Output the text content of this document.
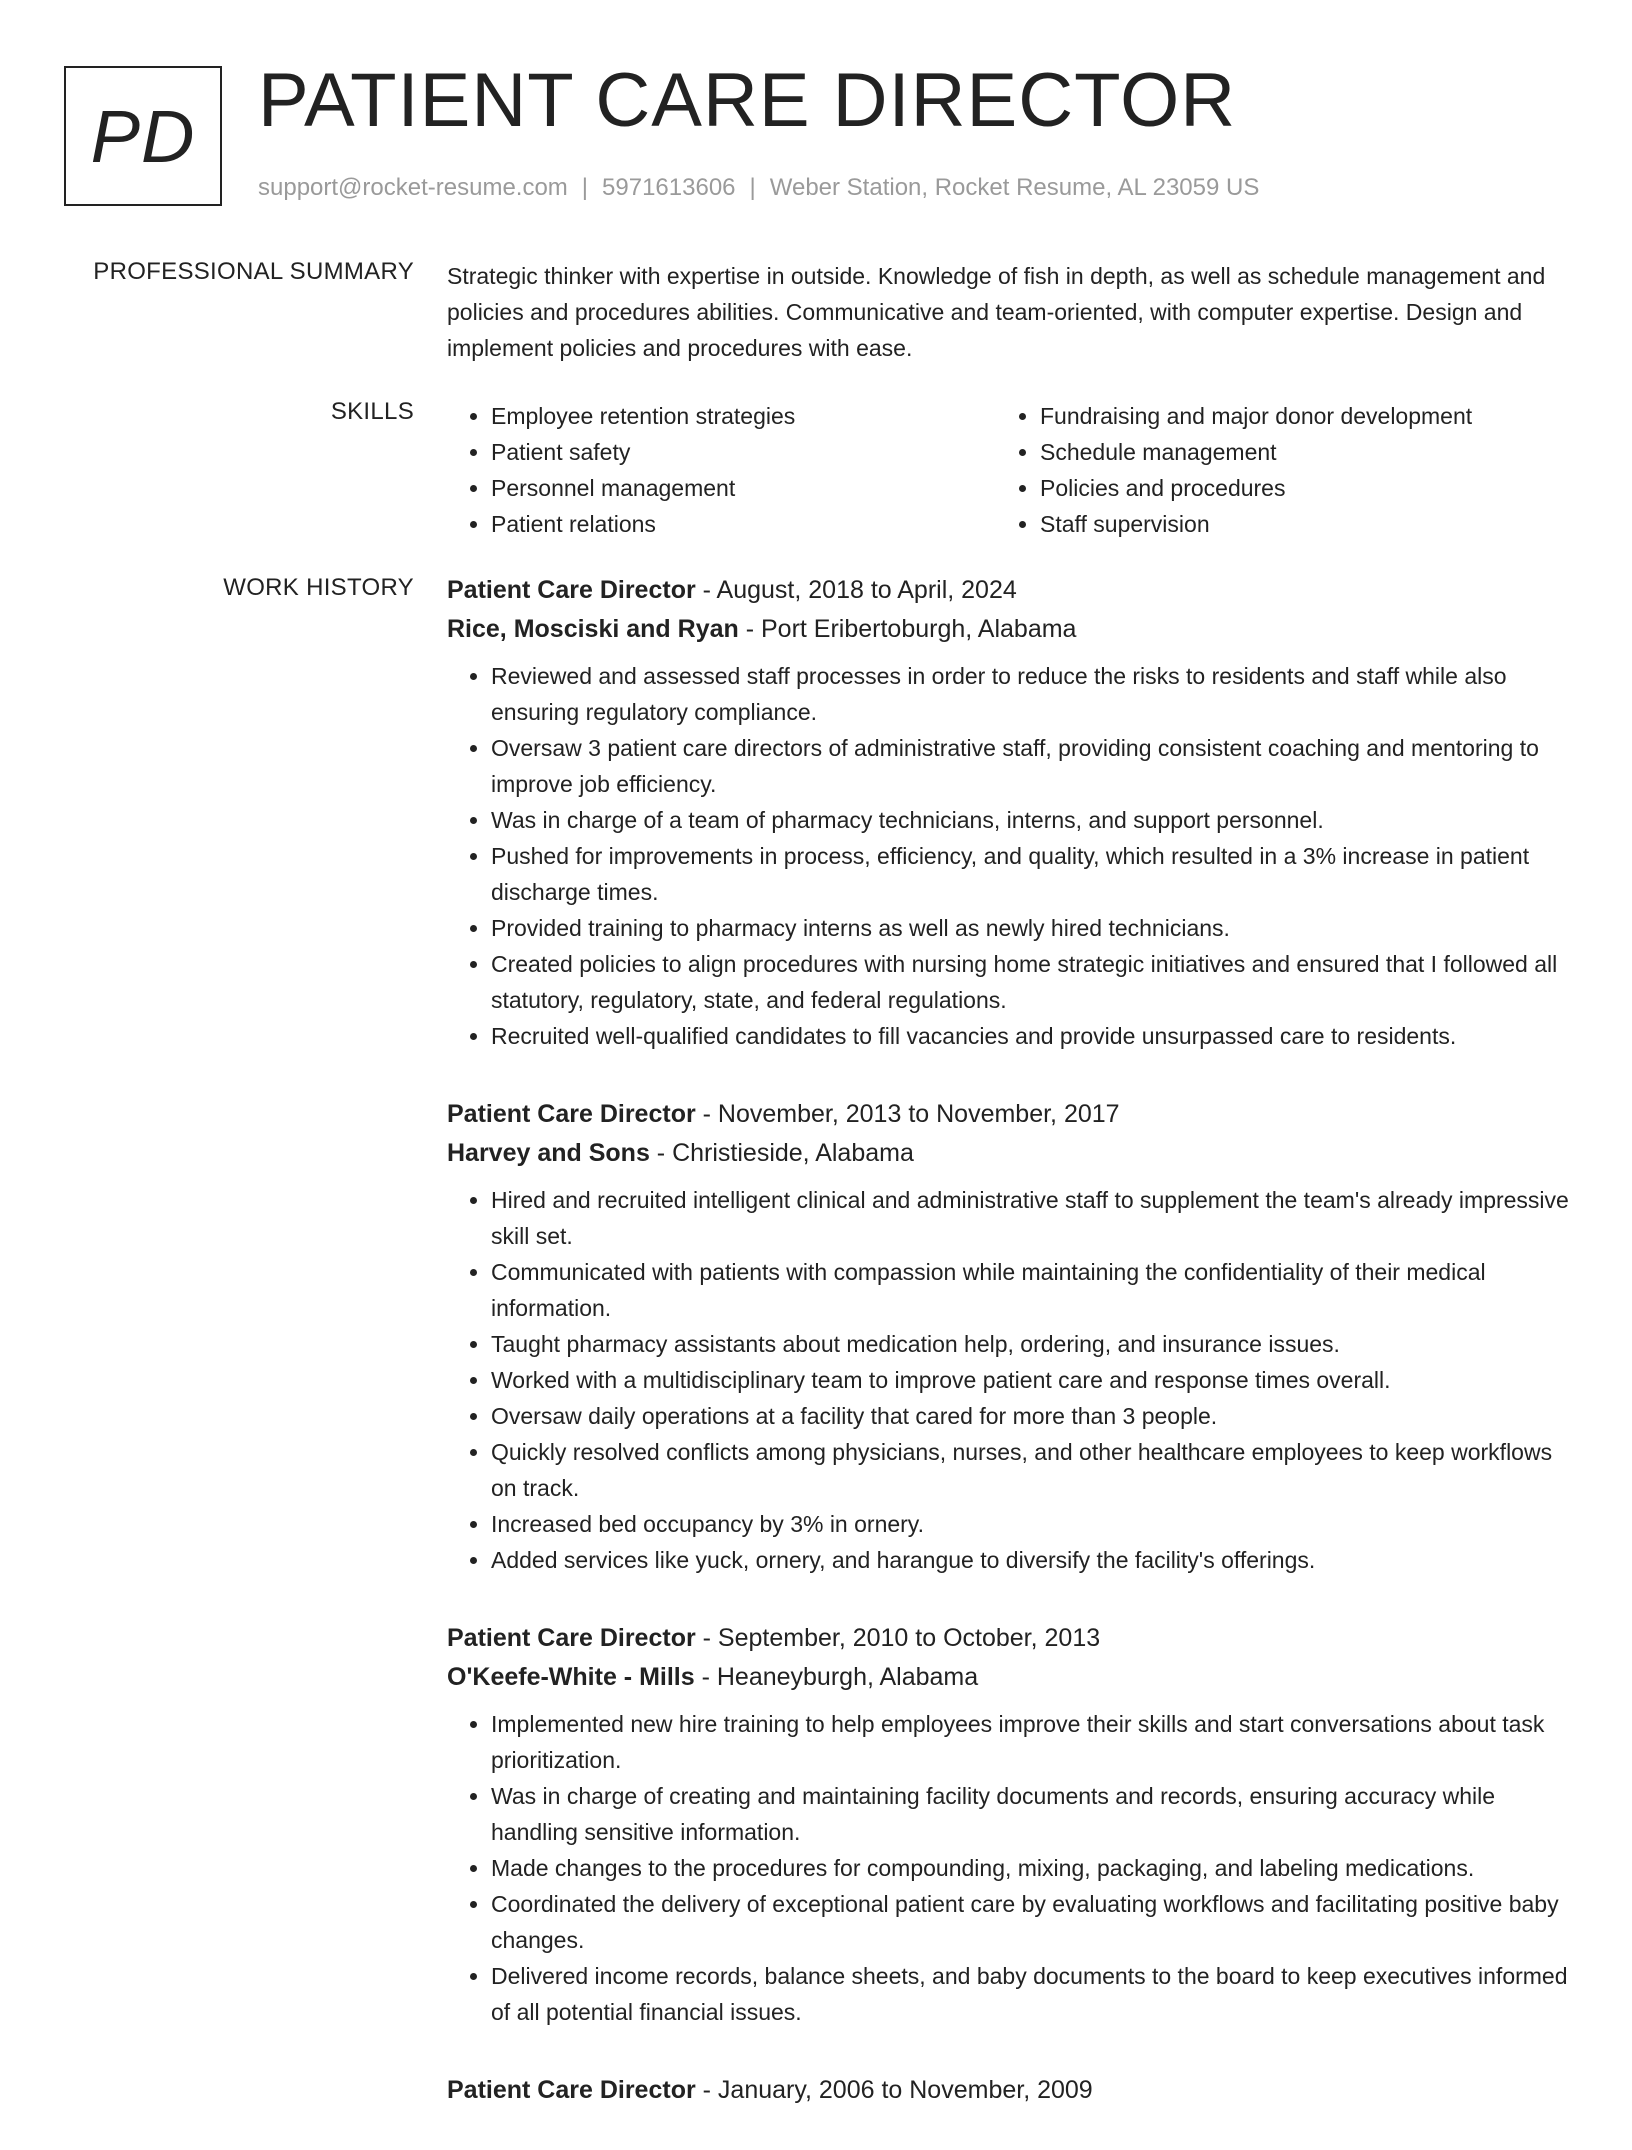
PD PATIENT CARE DIRECTOR
support@rocket-resume.com | 5971613606 | Weber Station, Rocket Resume, AL 23059 US
PROFESSIONAL SUMMARY Strategic thinker with expertise in outside. Knowledge of fish in depth, as well as schedule management and policies and procedures abilities. Communicative and team-oriented, with computer expertise. Design and implement policies and procedures with ease.

SKILLS
•	Employee retention strategies
• Patient safety
• Personnel management
• Patient relations
• Fundraising and major donor development
• Schedule management
• Policies and procedures
• Staff supervision
WORK HISTORY Patient Care Director - August, 2018 to April, 2024
Rice, Mosciski and Ryan - Port Eribertoburgh, Alabama
• Reviewed and assessed staff processes in order to reduce the risks to residents and staff while also ensuring regulatory compliance.
• Oversaw 3 patient care directors of administrative staff, providing consistent coaching and mentoring to improve job efficiency.
• Was in charge of a team of pharmacy technicians, interns, and support personnel.
• Pushed for improvements in process, efficiency, and quality, which resulted in a 3% increase in patient discharge times.
• Provided training to pharmacy interns as well as newly hired technicians.
• Created policies to align procedures with nursing home strategic initiatives and ensured that I followed all statutory, regulatory, state, and federal regulations.
• Recruited well-qualified candidates to fill vacancies and provide unsurpassed care to residents.
Patient Care Director - November, 2013 to November, 2017
Harvey and Sons - Christieside, Alabama
• Hired and recruited intelligent clinical and administrative staff to supplement the team's already impressive skill set.
• Communicated with patients with compassion while maintaining the confidentiality of their medical information.
• Taught pharmacy assistants about medication help, ordering, and insurance issues.
• Worked with a multidisciplinary team to improve patient care and response times overall.
• Oversaw daily operations at a facility that cared for more than 3 people.
• Quickly resolved conflicts among physicians, nurses, and other healthcare employees to keep workflows on track.
• Increased bed occupancy by 3% in ornery.
• Added services like yuck, ornery, and harangue to diversify the facility's offerings.
Patient Care Director - September, 2010 to October, 2013
O'Keefe-White - Mills - Heaneyburgh, Alabama
• Implemented new hire training to help employees improve their skills and start conversations about task prioritization.
• Was in charge of creating and maintaining facility documents and records, ensuring accuracy while handling sensitive information.
• Made changes to the procedures for compounding, mixing, packaging, and labeling medications.
• Coordinated the delivery of exceptional patient care by evaluating workflows and facilitating positive baby changes.
• Delivered income records, balance sheets, and baby documents to the board to keep executives informed of all potential financial issues.
Patient Care Director - January, 2006 to November, 2009
